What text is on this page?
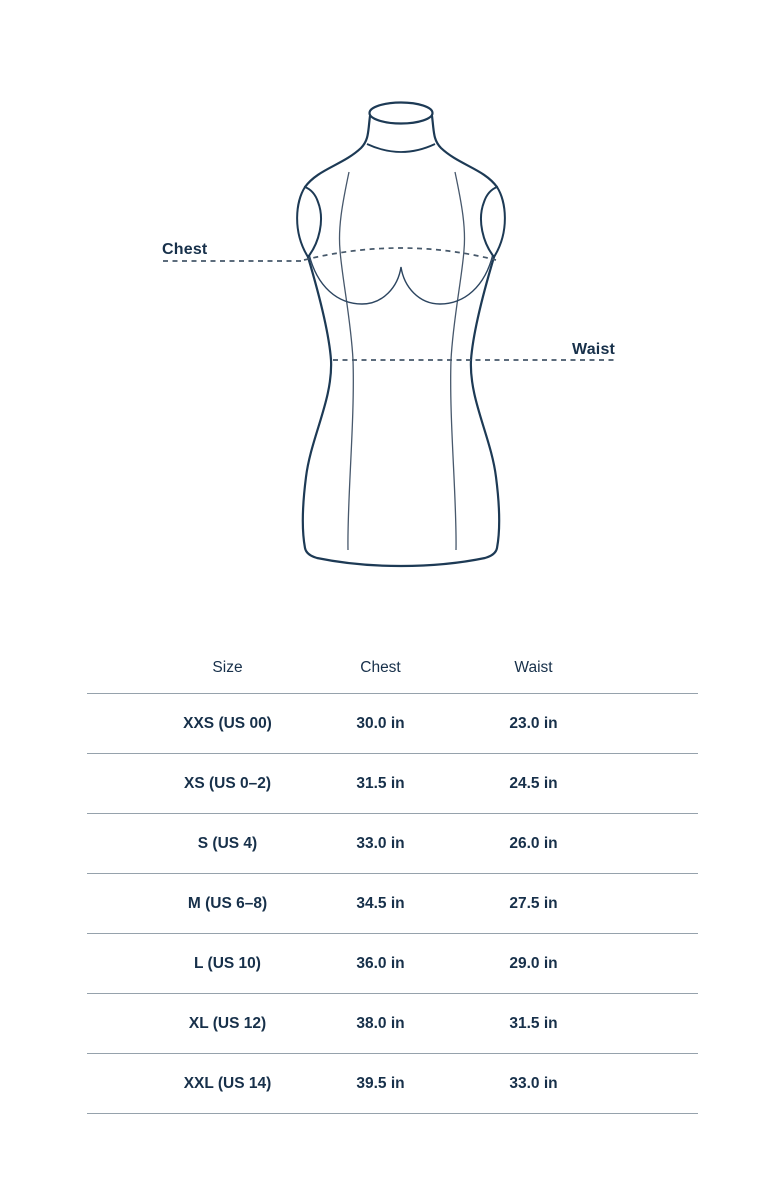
Chest
Waist
Size	Chest	Waist
XXS (US 00)	30.0 in	23.0 in
XS (US 0–2)	31.5 in	24.5 in
S (US 4)	33.0 in	26.0 in
M (US 6–8)	34.5 in	27.5 in
L (US 10)	36.0 in	29.0 in
XL (US 12)	38.0 in	31.5 in
XXL (US 14)	39.5 in	33.0 in
